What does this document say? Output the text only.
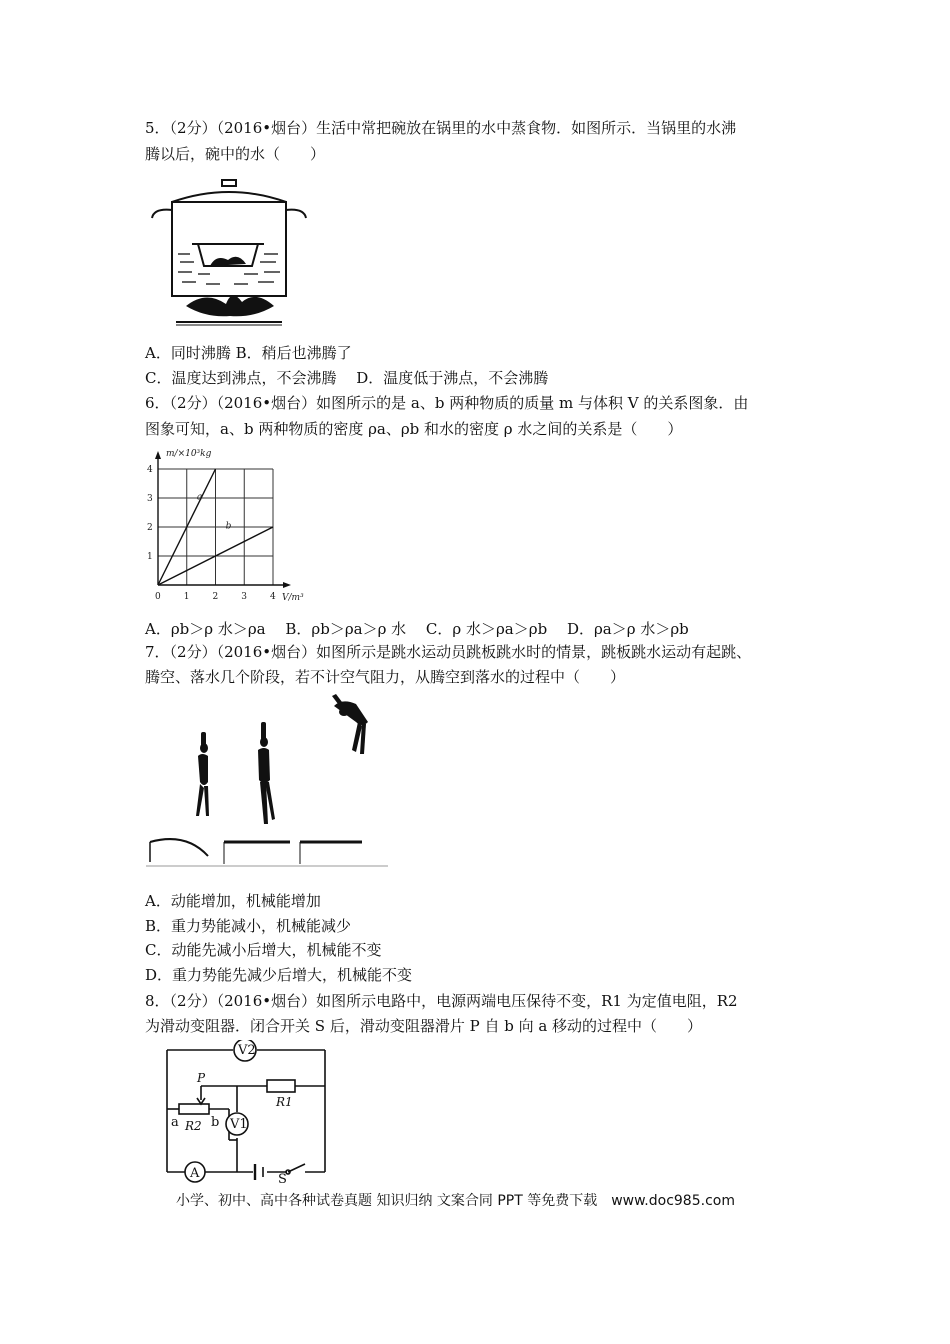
5．（2分）（2016•烟台）生活中常把碗放在锅里的水中蒸食物．如图所示．当锅里的水沸
腾以后，碗中的水（　　）
A．同时沸腾 B．稍后也沸腾了
C．温度达到沸点，不会沸腾　 D．温度低于沸点，不会沸腾
6．（2分）（2016•烟台）如图所示的是 a、b 两种物质的质量 m 与体积 V 的关系图象．由
图象可知，a、b 两种物质的密度 ρa、ρb 和水的密度 ρ 水之间的关系是（　　）
m/×10³kg
V/m³
0	1	2	3	4
1
2
3
4
a
b
A．ρb＞ρ 水＞ρa　 B．ρb＞ρa＞ρ 水　 C．ρ 水＞ρa＞ρb　 D．ρa＞ρ 水＞ρb
7．（2分）（2016•烟台）如图所示是跳水运动员跳板跳水时的情景，跳板跳水运动有起跳、
腾空、落水几个阶段，若不计空气阻力，从腾空到落水的过程中（　　）
A．动能增加，机械能增加
B．重力势能减小，机械能减少
C．动能先减小后增大，机械能不变
D．重力势能先减少后增大，机械能不变
8．（2分）（2016•烟台）如图所示电路中，电源两端电压保待不变，R1 为定值电阻，R2
为滑动变阻器．闭合开关 S 后，滑动变阻器滑片 P 自 b 向 a 移动的过程中（　　）
V2
V1
A
P
R1
R2
a b
S
小学、初中、高中各种试卷真题 知识归纳 文案合同 PPT 等免费下载　www.doc985.com
